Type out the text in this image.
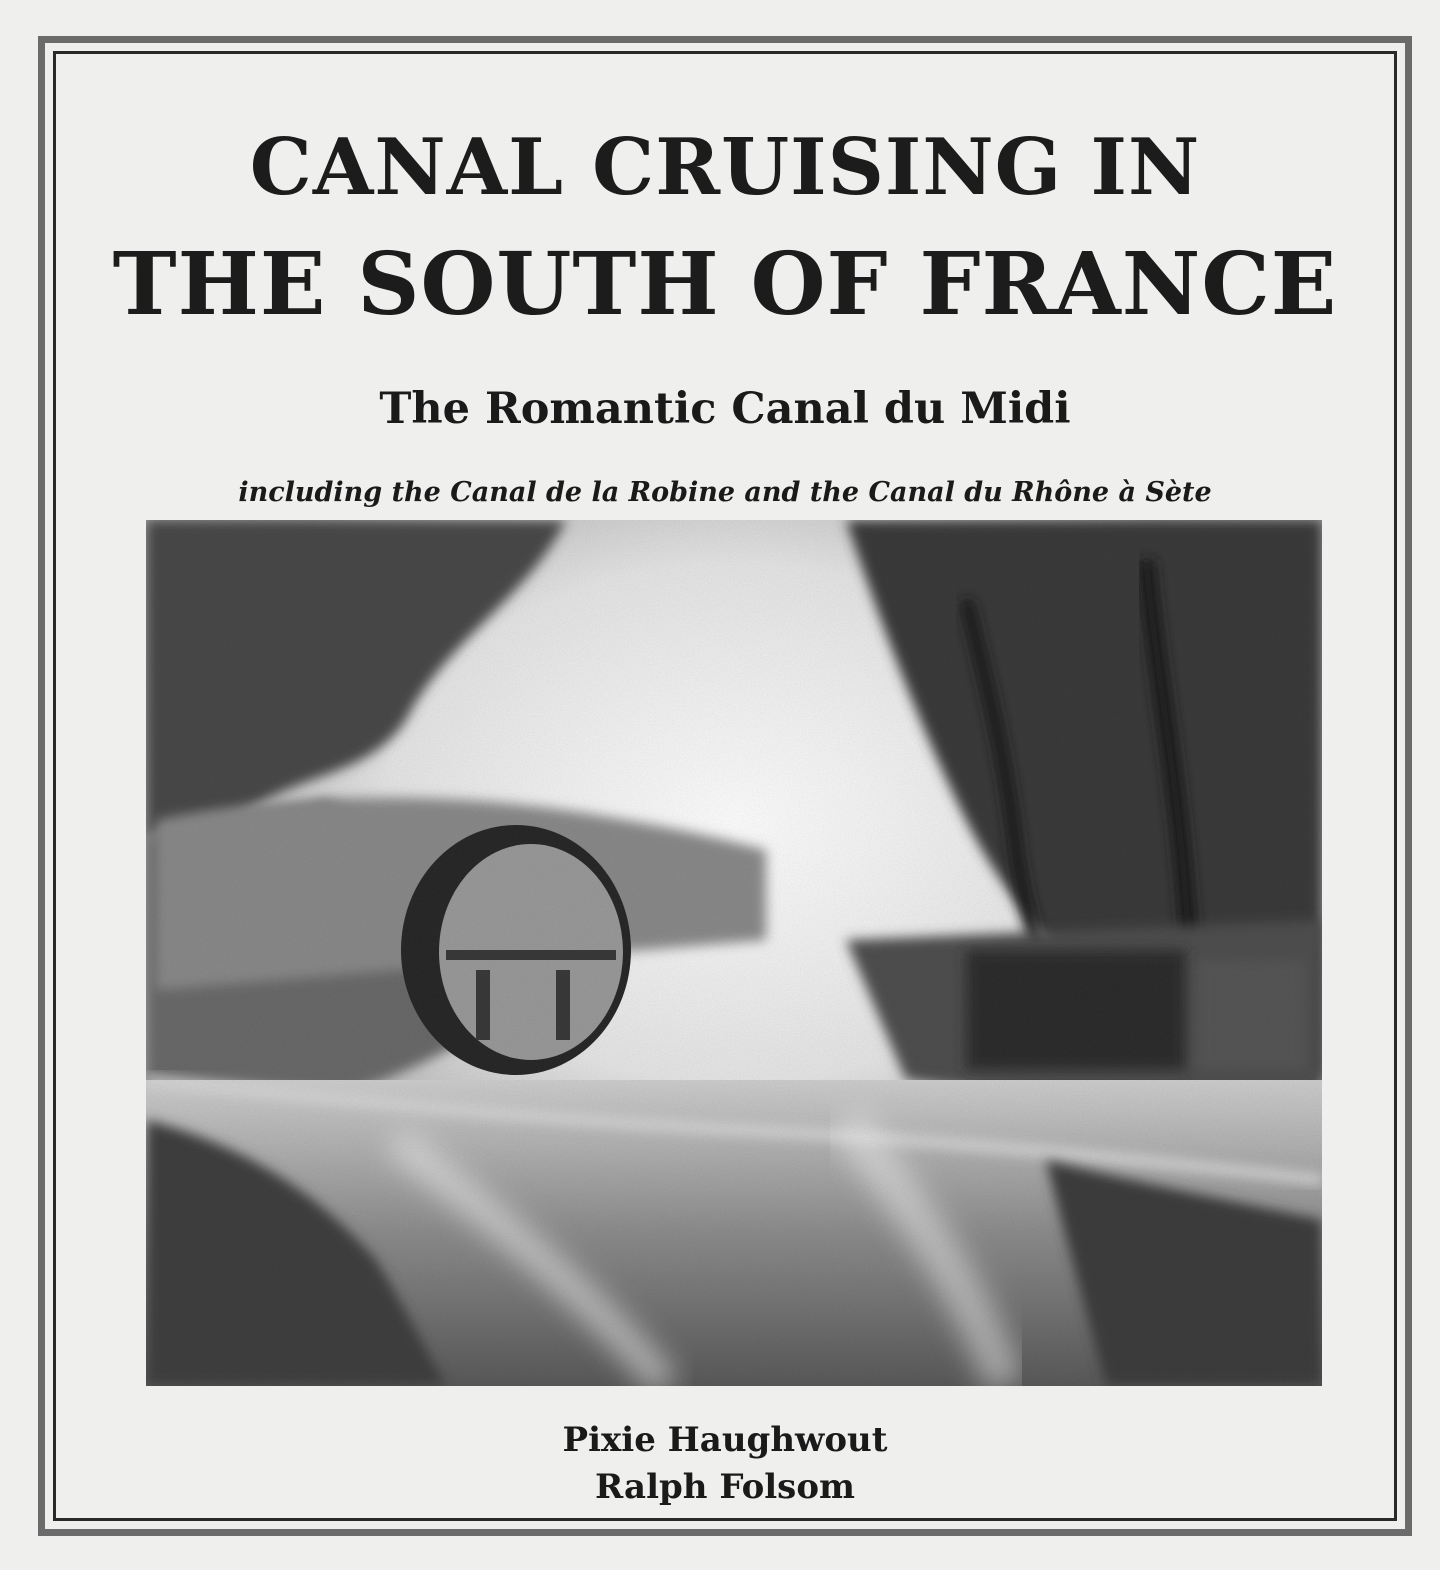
CANAL CRUISING IN
THE SOUTH OF FRANCE
The Romantic Canal du Midi

including the Canal de la Robine and the Canal du Rhône à Sète

Pixie Haughwout

Ralph Folsom
